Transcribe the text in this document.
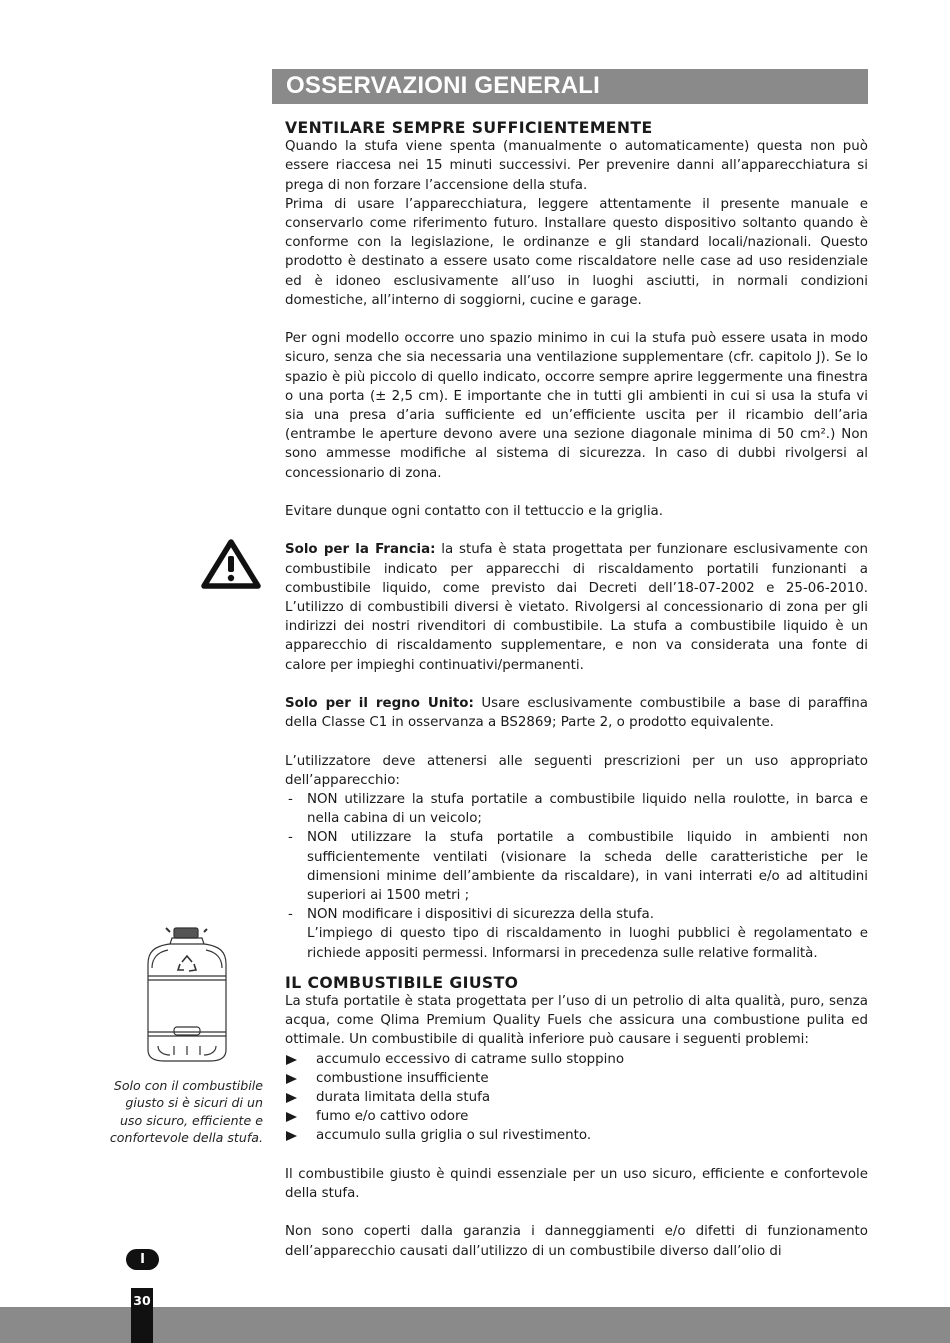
OSSERVAZIONI GENERALI
Solo con il combustibile giusto si è sicuri di un uso sicuro, efficiente e confortevole della stufa.
VENTILARE SEMPRE SUFFICIENTEMENTE

Quando la stufa viene spenta (manualmente o automaticamente) questa non può essere riaccesa nei 15 minuti successivi. Per prevenire danni all’apparecchiatura si prega di non forzare l’accensione della stufa.

Prima di usare l’apparecchiatura, leggere attentamente il presente manuale e conservarlo come riferimento futuro. Installare questo dispositivo soltanto quando è conforme con la legislazione, le ordinanze e gli standard locali/nazionali. Questo prodotto è destinato a essere usato come riscaldatore nelle case ad uso residenziale ed è idoneo esclusivamente all’uso in luoghi asciutti, in normali condizioni domestiche, all’interno di soggiorni, cucine e garage.

Per ogni modello occorre uno spazio minimo in cui la stufa può essere usata in modo sicuro, senza che sia necessaria una ventilazione supplementare (cfr. capitolo J). Se lo spazio è più piccolo di quello indicato, occorre sempre aprire leggermente una finestra o una porta (± 2,5 cm). E importante che in tutti gli ambienti in cui si usa la stufa vi sia una presa d’aria sufficiente ed un’efficiente uscita per il ricambio dell’aria (entrambe le aperture devono avere una sezione diagonale minima di 50 cm².) Non sono ammesse modifiche al sistema di sicurezza. In caso di dubbi rivolgersi al concessionario di zona.

Evitare dunque ogni contatto con il tettuccio e la griglia.

Solo per la Francia: la stufa è stata progettata per funzionare esclusivamente con combustibile indicato per apparecchi di riscaldamento portatili funzionanti a combustibile liquido, come previsto dai Decreti dell’18-07-2002 e 25-06-2010. L’utilizzo di combustibili diversi è vietato. Rivolgersi al concessionario di zona per gli indirizzi dei nostri rivenditori di combustibile. La stufa a combustibile liquido è un apparecchio di riscaldamento supplementare, e non va considerata una fonte di calore per impieghi continuativi/permanenti.

Solo per il regno Unito: Usare esclusivamente combustibile a base di paraffina della Classe C1 in osservanza a BS2869; Parte 2, o prodotto equivalente.

L’utilizzatore deve attenersi alle seguenti prescrizioni per un uso appropriato dell’apparecchio:

- NON utilizzare la stufa portatile a combustibile liquido nella roulotte, in barca e nella cabina di un veicolo;
- NON utilizzare la stufa portatile a combustibile liquido in ambienti non sufficientemente ventilati (visionare la scheda delle caratteristiche per le dimensioni minime dell’ambiente da riscaldare), in vani interrati e/o ad altitudini superiori ai 1500 metri ;
- NON modificare i dispositivi di sicurezza della stufa.
L’impiego di questo tipo di riscaldamento in luoghi pubblici è regolamentato e richiede appositi permessi. Informarsi in precedenza sulle relative formalità.
IL COMBUSTIBILE GIUSTO

La stufa portatile è stata progettata per l’uso di un petrolio di alta qualità, puro, senza acqua, come Qlima Premium Quality Fuels che assicura una combustione pulita ed ottimale. Un combustibile di qualità inferiore può causare i seguenti problemi:

accumulo eccessivo di catrame sullo stoppino
combustione insufficiente
durata limitata della stufa
fumo e/o cattivo odore
accumulo sulla griglia o sul rivestimento.

Il combustibile giusto è quindi essenziale per un uso sicuro, efficiente e confortevole della stufa.

Non sono coperti dalla garanzia i danneggiamenti e/o difetti di funzionamento dell’apparecchio causati dall’utilizzo di un combustibile diverso dall’olio di

I
30
